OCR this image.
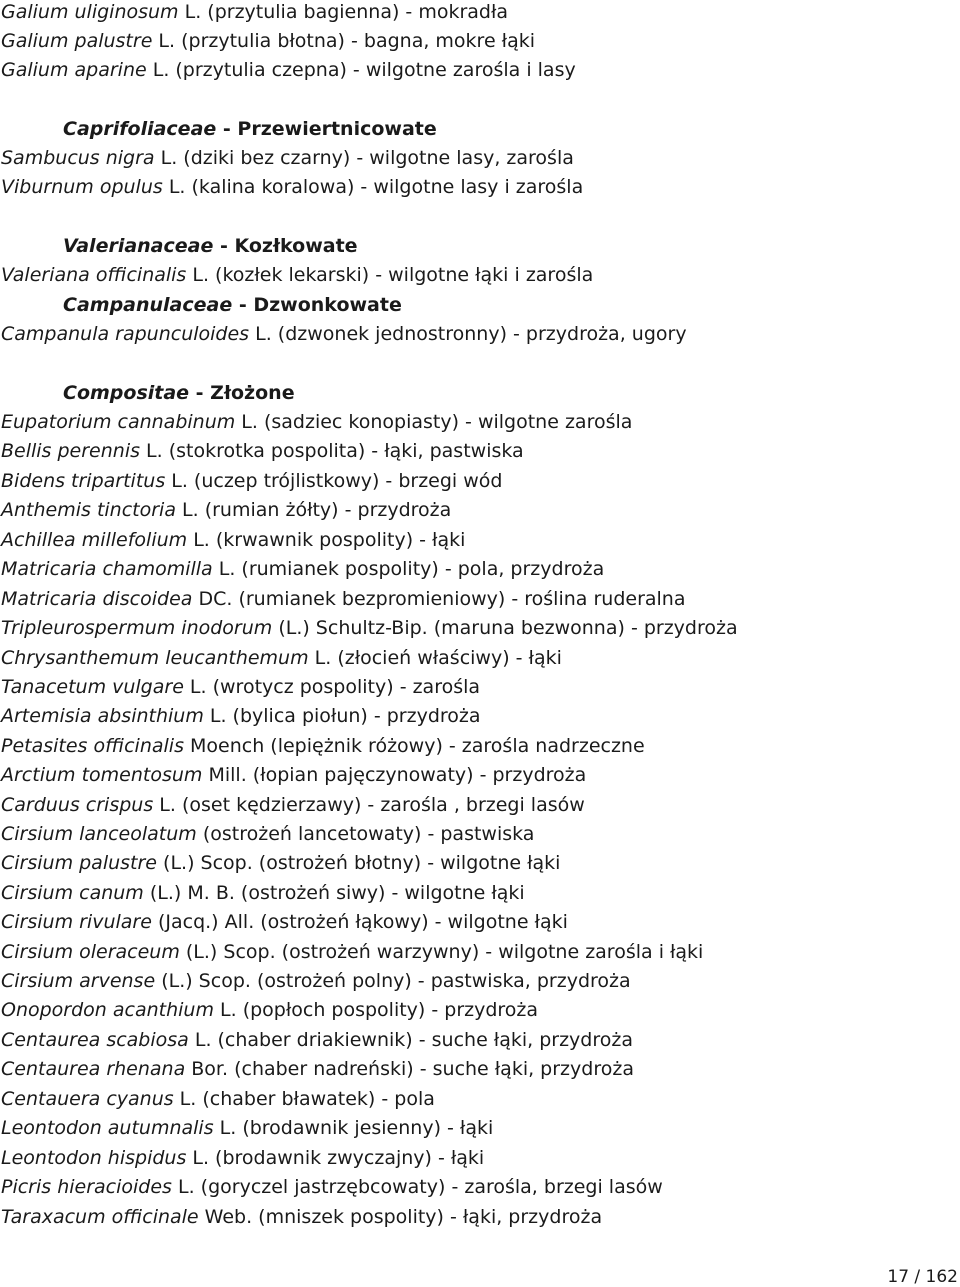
Galium uliginosum L. (przytulia bagienna) - mokradła
Galium palustre L. (przytulia błotna) - bagna, mokre łąki
Galium aparine L. (przytulia czepna) - wilgotne zarośla i lasy
Caprifoliaceae - Przewiertnicowate
Sambucus nigra L. (dziki bez czarny) - wilgotne lasy, zarośla
Viburnum opulus L. (kalina koralowa) - wilgotne lasy i zarośla
Valerianaceae - Kozłkowate
Valeriana officinalis L. (kozłek lekarski) - wilgotne łąki i zarośla
Campanulaceae - Dzwonkowate
Campanula rapunculoides L. (dzwonek jednostronny) - przydroża, ugory
Compositae - Złożone
Eupatorium cannabinum L. (sadziec konopiasty) - wilgotne zarośla
Bellis perennis L. (stokrotka pospolita) - łąki, pastwiska
Bidens tripartitus L. (uczep trójlistkowy) - brzegi wód
Anthemis tinctoria L. (rumian żółty) - przydroża
Achillea millefolium L. (krwawnik pospolity) - łąki
Matricaria chamomilla L. (rumianek pospolity) - pola, przydroża
Matricaria discoidea DC. (rumianek bezpromieniowy) - roślina ruderalna
Tripleurospermum inodorum (L.) Schultz-Bip. (maruna bezwonna) - przydroża
Chrysanthemum leucanthemum L. (złocień właściwy) - łąki
Tanacetum vulgare L. (wrotycz pospolity) - zarośla
Artemisia absinthium L. (bylica piołun) - przydroża
Petasites officinalis Moench (lepiężnik różowy) - zarośla nadrzeczne
Arctium tomentosum Mill. (łopian pajęczynowaty) - przydroża
Carduus crispus L. (oset kędzierzawy) - zarośla , brzegi lasów
Cirsium lanceolatum (ostrożeń lancetowaty) - pastwiska
Cirsium palustre (L.) Scop. (ostrożeń błotny) - wilgotne łąki
Cirsium canum (L.) M. B. (ostrożeń siwy) - wilgotne łąki
Cirsium rivulare (Jacq.) All. (ostrożeń łąkowy) - wilgotne łąki
Cirsium oleraceum (L.) Scop. (ostrożeń warzywny) - wilgotne zarośla i łąki
Cirsium arvense (L.) Scop. (ostrożeń polny) - pastwiska, przydroża
Onopordon acanthium L. (popłoch pospolity) - przydroża
Centaurea scabiosa L. (chaber driakiewnik) - suche łąki, przydroża
Centaurea rhenana Bor. (chaber nadreński) - suche łąki, przydroża
Centauera cyanus L. (chaber bławatek) - pola
Leontodon autumnalis L. (brodawnik jesienny) - łąki
Leontodon hispidus L. (brodawnik zwyczajny) - łąki
Picris hieracioides L. (goryczel jastrzębcowaty) - zarośla, brzegi lasów
Taraxacum officinale Web. (mniszek pospolity) - łąki, przydroża
17 / 162
